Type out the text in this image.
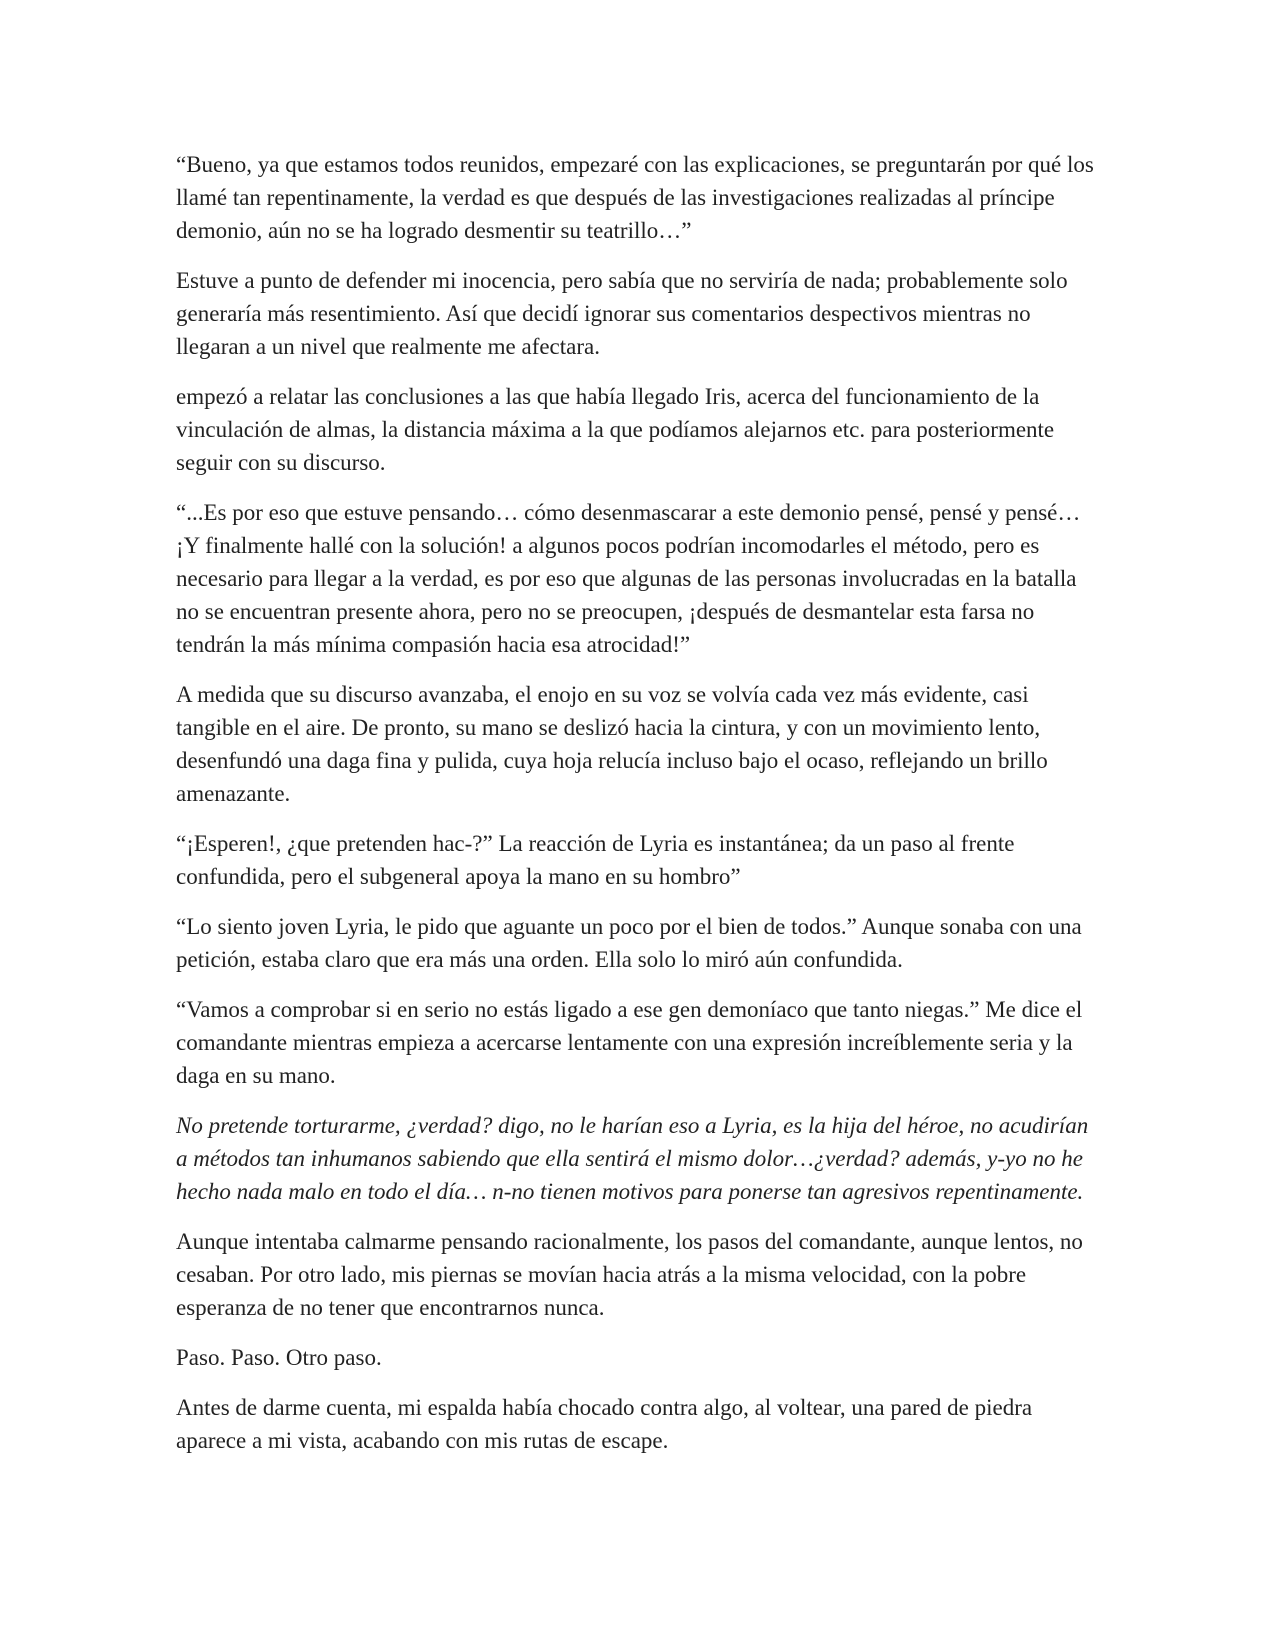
“Bueno, ya que estamos todos reunidos, empezaré con las explicaciones, se preguntarán por qué los llamé tan repentinamente, la verdad es que después de las investigaciones realizadas al príncipe demonio, aún no se ha logrado desmentir su teatrillo…”

Estuve a punto de defender mi inocencia, pero sabía que no serviría de nada; probablemente solo generaría más resentimiento. Así que decidí ignorar sus comentarios despectivos mientras no llegaran a un nivel que realmente me afectara.

empezó a relatar las conclusiones a las que había llegado Iris, acerca del funcionamiento de la vinculación de almas, la distancia máxima a la que podíamos alejarnos etc. para posteriormente seguir con su discurso.

“...Es por eso que estuve pensando… cómo desenmascarar a este demonio pensé, pensé y pensé… ¡Y finalmente hallé con la solución! a algunos pocos podrían incomodarles el método, pero es necesario para llegar a la verdad, es por eso que algunas de las personas involucradas en la batalla no se encuentran presente ahora, pero no se preocupen, ¡después de desmantelar esta farsa no tendrán la más mínima compasión hacia esa atrocidad!”

A medida que su discurso avanzaba, el enojo en su voz se volvía cada vez más evidente, casi tangible en el aire. De pronto, su mano se deslizó hacia la cintura, y con un movimiento lento, desenfundó una daga fina y pulida, cuya hoja relucía incluso bajo el ocaso, reflejando un brillo amenazante.

“¡Esperen!, ¿que pretenden hac-?” La reacción de Lyria es instantánea; da un paso al frente confundida, pero el subgeneral apoya la mano en su hombro”

“Lo siento joven Lyria, le pido que aguante un poco por el bien de todos.” Aunque sonaba con una petición, estaba claro que era más una orden. Ella solo lo miró aún confundida.

“Vamos a comprobar si en serio no estás ligado a ese gen demoníaco que tanto niegas.” Me dice el comandante mientras empieza a acercarse lentamente con una expresión increíblemente seria y la daga en su mano.

No pretende torturarme, ¿verdad? digo, no le harían eso a Lyria, es la hija del héroe, no acudirían a métodos tan inhumanos sabiendo que ella sentirá el mismo dolor…¿verdad? además, y-yo no he hecho nada malo en todo el día… n-no tienen motivos para ponerse tan agresivos repentinamente.

Aunque intentaba calmarme pensando racionalmente, los pasos del comandante, aunque lentos, no cesaban. Por otro lado, mis piernas se movían hacia atrás a la misma velocidad, con la pobre esperanza de no tener que encontrarnos nunca.

Paso. Paso. Otro paso.

Antes de darme cuenta, mi espalda había chocado contra algo, al voltear, una pared de piedra aparece a mi vista, acabando con mis rutas de escape.
